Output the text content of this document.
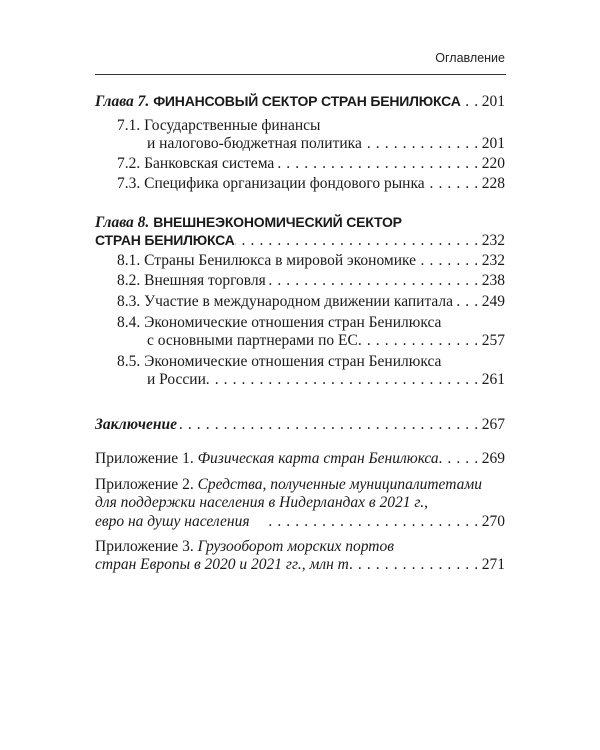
Оглавление
Глава 7. ФИНАНСОВЫЙ СЕКТОР СТРАН БЕНИЛЮКСА . . . 201
7.1. Государственные финансы
и налогово-бюджетная политика . . .	201
7.2. Банковская система . . .	220
7.3. Специфика организации фондового рынка . . .	228
Глава 8. ВНЕШНЕЭКОНОМИЧЕСКИЙ СЕКТОР
СТРАН БЕНИЛЮКСА . . .	232
8.1. Страны Бенилюкса в мировой экономике . . .	232
8.2. Внешняя торговля . . .	238
8.3. Участие в международном движении капитала . . . 249
8.4. Экономические отношения стран Бенилюкса
с основными партнерами по ЕС . . .	257
8.5. Экономические отношения стран Бенилюкса
и России . . .	261
Заключение . . .	267
Приложение 1. Физическая карта стран Бенилюкса . . .	269
Приложение 2. Средства, полученные муниципалитетами
для поддержки населения в Нидерландах в 2021 г.,
евро на душу населения . . .	270
Приложение 3. Грузооборот морских портов
стран Европы в 2020 и 2021 гг., млн т . . .	271
